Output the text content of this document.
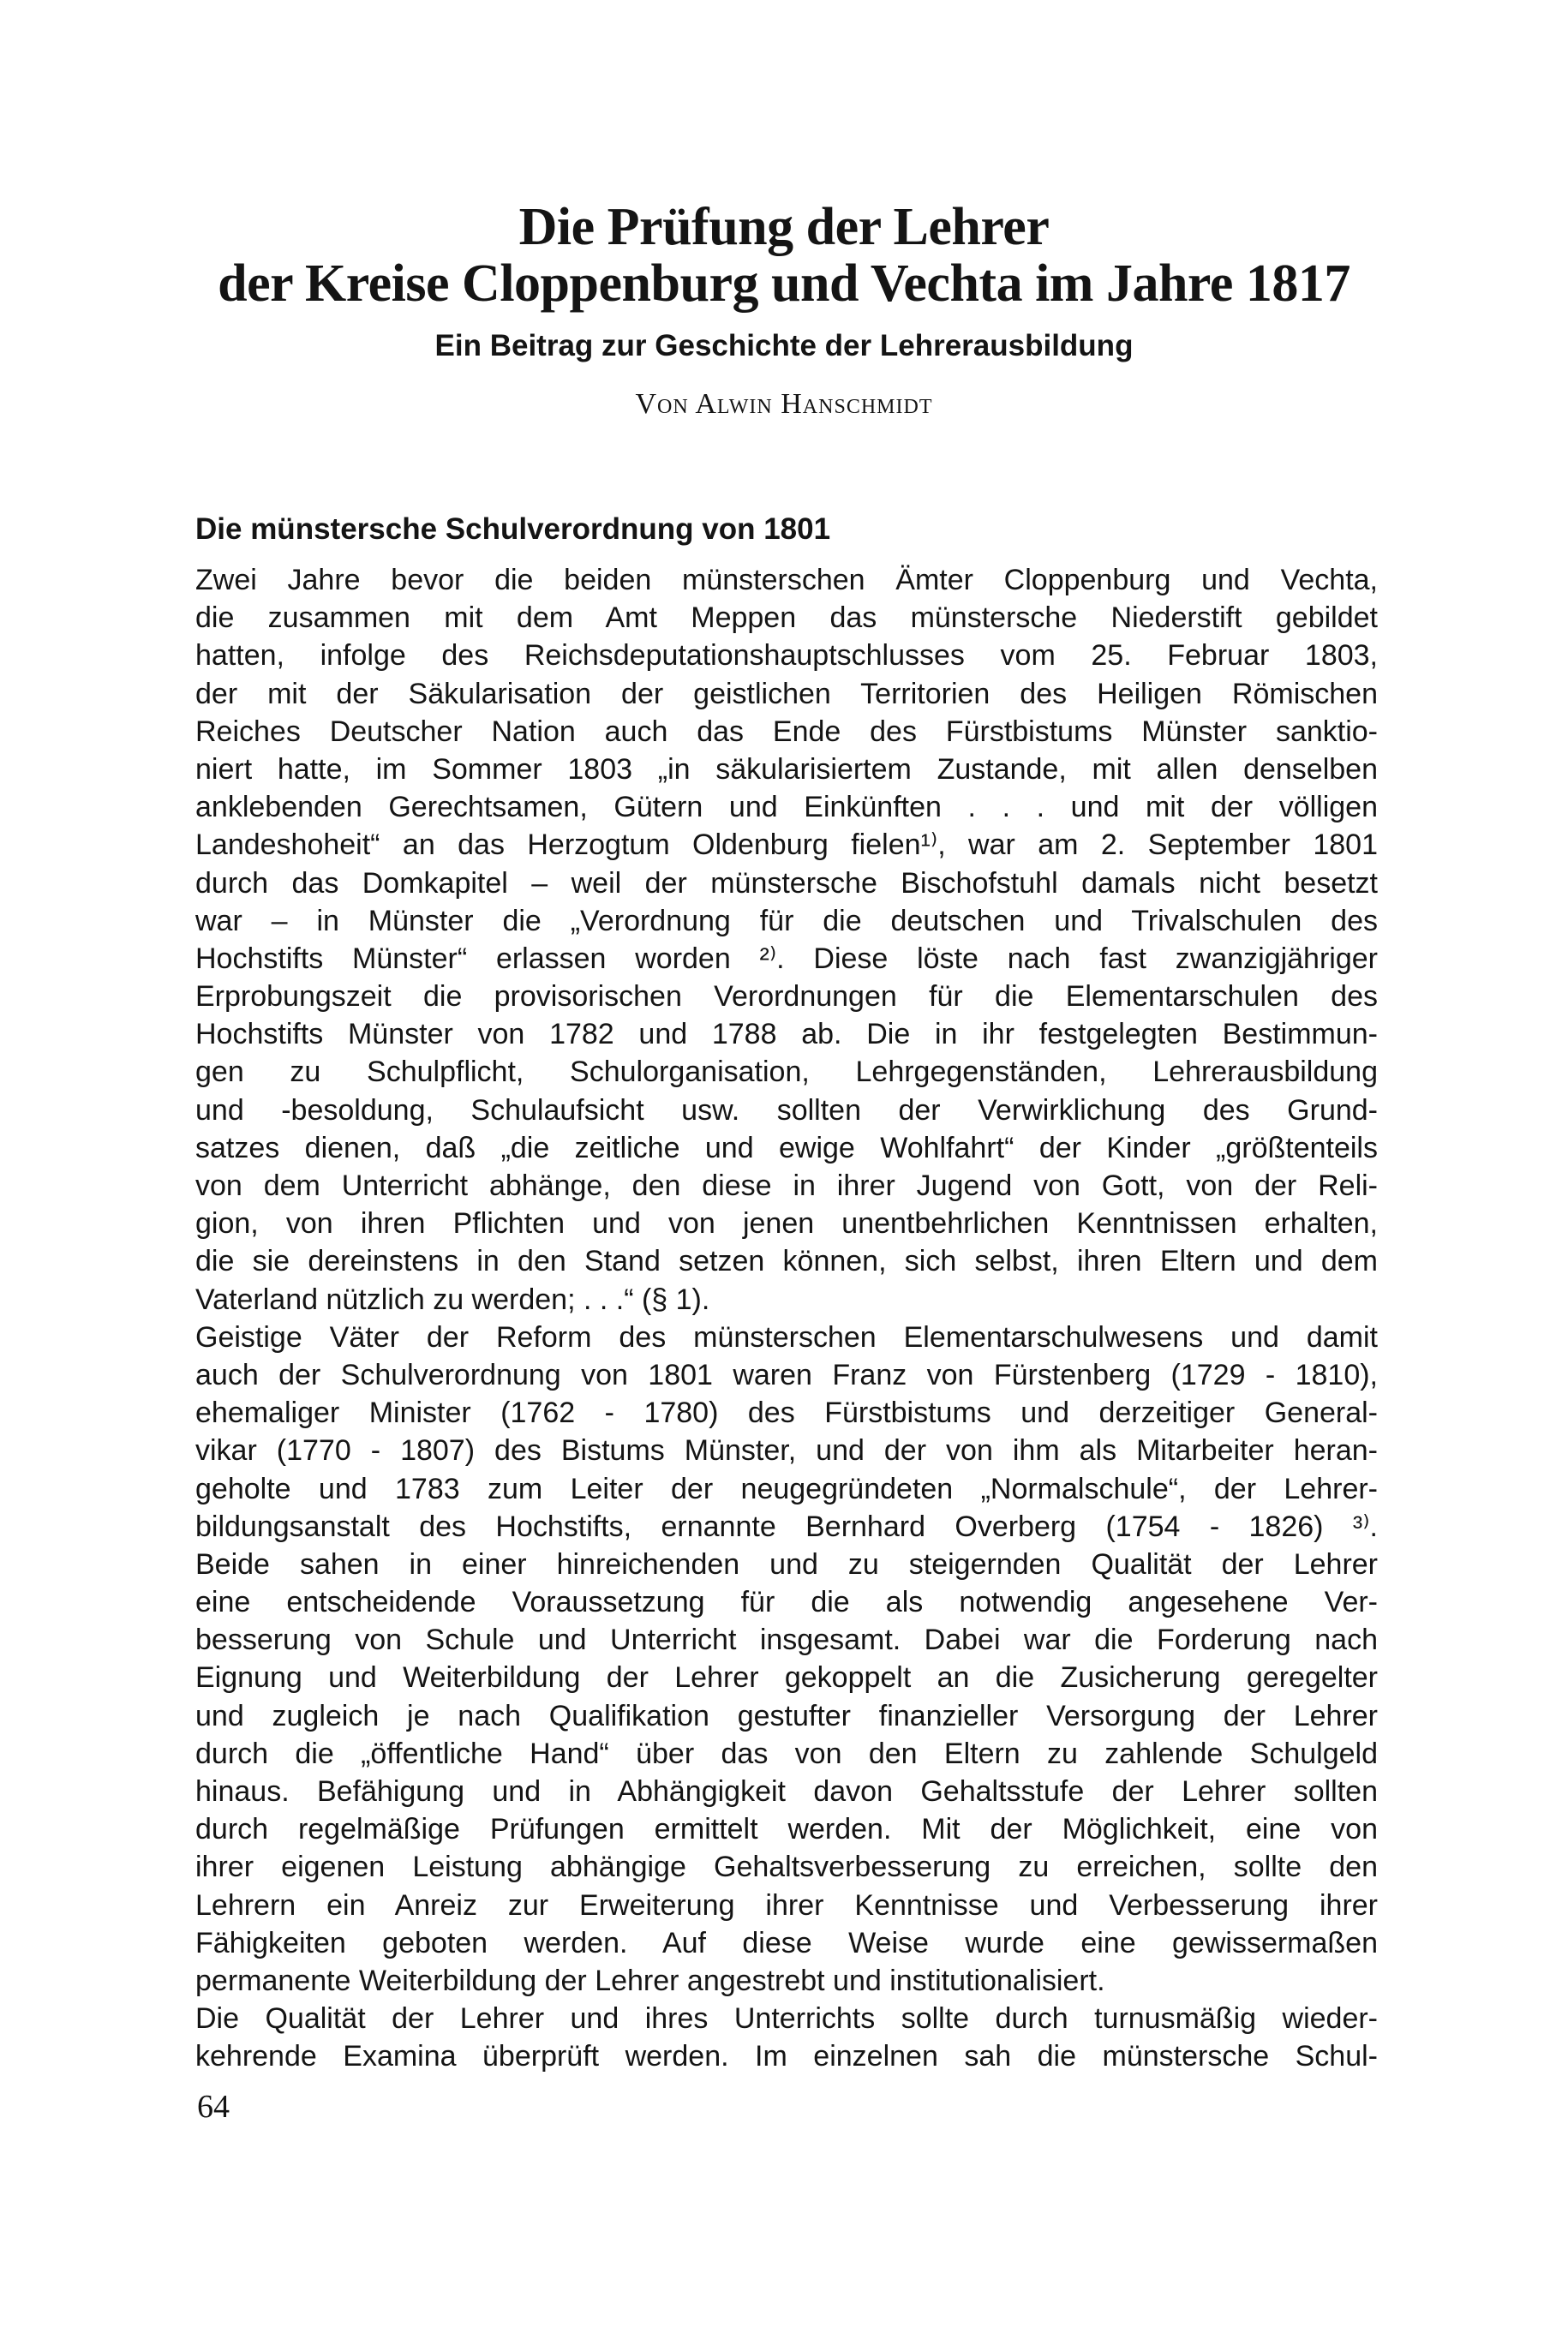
Die Prüfung der Lehrer
der Kreise Cloppenburg und Vechta im Jahre 1817
Ein Beitrag zur Geschichte der Lehrerausbildung
Von Alwin Hanschmidt
Die münstersche Schulverordnung von 1801
Zwei Jahre bevor die beiden münsterschen Ämter Cloppenburg und Vechta,
die zusammen mit dem Amt Meppen das münstersche Niederstift gebildet
hatten, infolge des Reichsdeputationshauptschlusses vom 25. Februar 1803,
der mit der Säkularisation der geistlichen Territorien des Heiligen Römischen
Reiches Deutscher Nation auch das Ende des Fürstbistums Münster sanktio-
niert hatte, im Sommer 1803 „in säkularisiertem Zustande, mit allen denselben
anklebenden Gerechtsamen, Gütern und Einkünften . . . und mit der völligen
Landeshoheit“ an das Herzogtum Oldenburg fielen¹⁾, war am 2. September 1801
durch das Domkapitel – weil der münstersche Bischofstuhl damals nicht besetzt
war – in Münster die „Verordnung für die deutschen und Trivalschulen des
Hochstifts Münster“ erlassen worden ²⁾. Diese löste nach fast zwanzigjähriger
Erprobungszeit die provisorischen Verordnungen für die Elementarschulen des
Hochstifts Münster von 1782 und 1788 ab. Die in ihr festgelegten Bestimmun-
gen zu Schulpflicht, Schulorganisation, Lehrgegenständen, Lehrerausbildung
und -besoldung, Schulaufsicht usw. sollten der Verwirklichung des Grund-
satzes dienen, daß „die zeitliche und ewige Wohlfahrt“ der Kinder „größtenteils
von dem Unterricht abhänge, den diese in ihrer Jugend von Gott, von der Reli-
gion, von ihren Pflichten und von jenen unentbehrlichen Kenntnissen erhalten,
die sie dereinstens in den Stand setzen können, sich selbst, ihren Eltern und dem
Vaterland nützlich zu werden; . . .“ (§ 1).
Geistige Väter der Reform des münsterschen Elementarschulwesens und damit
auch der Schulverordnung von 1801 waren Franz von Fürstenberg (1729 - 1810),
ehemaliger Minister (1762 - 1780) des Fürstbistums und derzeitiger General-
vikar (1770 - 1807) des Bistums Münster, und der von ihm als Mitarbeiter heran-
geholte und 1783 zum Leiter der neugegründeten „Normalschule“, der Lehrer-
bildungsanstalt des Hochstifts, ernannte Bernhard Overberg (1754 - 1826) ³⁾.
Beide sahen in einer hinreichenden und zu steigernden Qualität der Lehrer
eine entscheidende Voraussetzung für die als notwendig angesehene Ver-
besserung von Schule und Unterricht insgesamt. Dabei war die Forderung nach
Eignung und Weiterbildung der Lehrer gekoppelt an die Zusicherung geregelter
und zugleich je nach Qualifikation gestufter finanzieller Versorgung der Lehrer
durch die „öffentliche Hand“ über das von den Eltern zu zahlende Schulgeld
hinaus. Befähigung und in Abhängigkeit davon Gehaltsstufe der Lehrer sollten
durch regelmäßige Prüfungen ermittelt werden. Mit der Möglichkeit, eine von
ihrer eigenen Leistung abhängige Gehaltsverbesserung zu erreichen, sollte den
Lehrern ein Anreiz zur Erweiterung ihrer Kenntnisse und Verbesserung ihrer
Fähigkeiten geboten werden. Auf diese Weise wurde eine gewissermaßen
permanente Weiterbildung der Lehrer angestrebt und institutionalisiert.
Die Qualität der Lehrer und ihres Unterrichts sollte durch turnusmäßig wieder-
kehrende Examina überprüft werden. Im einzelnen sah die münstersche Schul-
64
